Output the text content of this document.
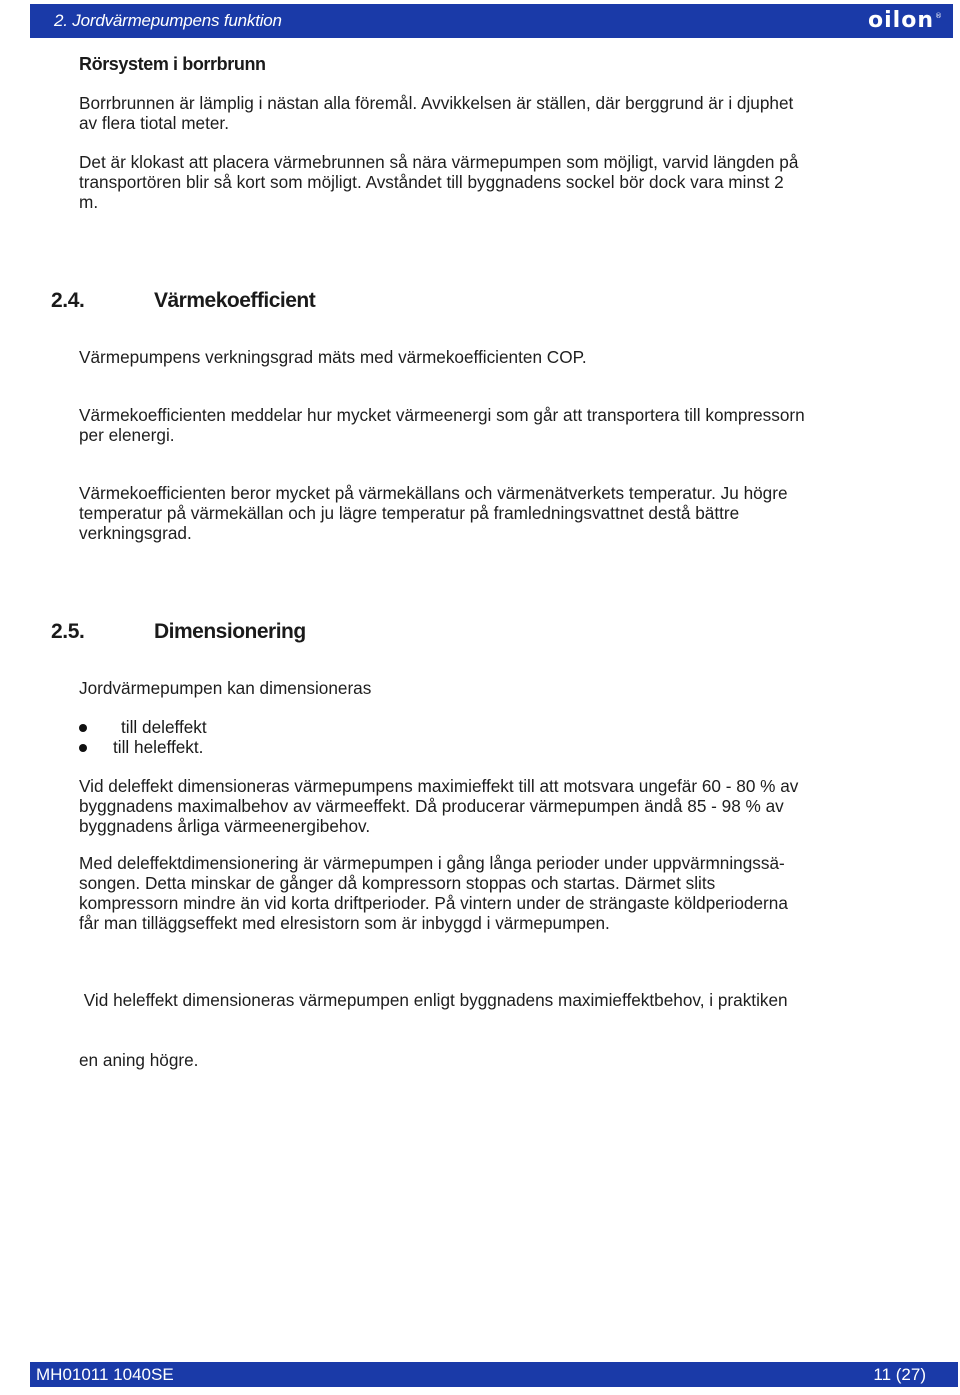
2. Jordvärmepumpens funktion	oilon®
Rörsystem i borrbrunn
Borrbrunnen är lämplig i nästan alla föremål. Avvikkelsen är ställen, där berggrund är i djuphet
av flera tiotal meter.
Det är klokast att placera värmebrunnen så nära värmepumpen som möjligt, varvid längden på
transportören blir så kort som möjligt. Avståndet till byggnadens sockel bör dock vara minst 2
m.
2.4.	Värmekoefficient
Värmepumpens verkningsgrad mäts med värmekoefficienten COP.
Värmekoefficienten meddelar hur mycket värmeenergi som går att transportera till kompressorn
per elenergi.
Värmekoefficienten beror mycket på värmekällans och värmenätverkets temperatur. Ju högre
temperatur på värmekällan och ju lägre temperatur på framledningsvattnet destå bättre
verkningsgrad.
2.5.	Dimensionering
Jordvärmepumpen kan dimensioneras
till deleffekt
till heleffekt.
Vid deleffekt dimensioneras värmepumpens maximieffekt till att motsvara ungefär 60 - 80 % av
byggnadens maximalbehov av värmeeffekt. Då producerar värmepumpen ändå 85 - 98 % av
byggnadens årliga värmeenergibehov.
Med deleffektdimensionering är värmepumpen i gång långa perioder under uppvärmningssä-
songen. Detta minskar de gånger då kompressorn stoppas och startas. Därmet slits
kompressorn mindre än vid korta driftperioder. På vintern under de strängaste köldperioderna
får man tilläggseffekt med elresistorn som är inbyggd i värmepumpen.

Vid heleffekt dimensioneras värmepumpen enligt byggnadens maximieffektbehov, i praktiken

en aning högre.

MH01011 1040SE	11 (27)
